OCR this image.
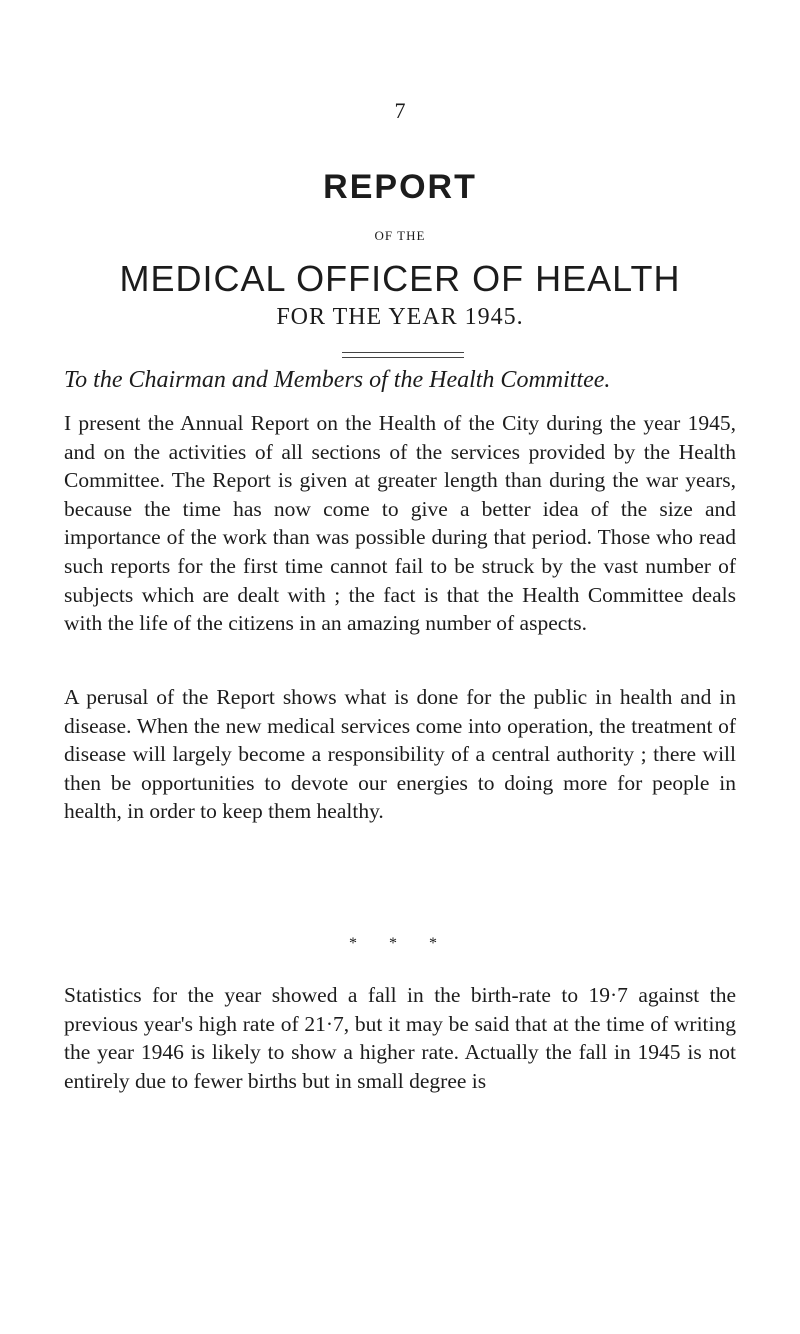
7
REPORT
OF THE
MEDICAL OFFICER OF HEALTH
FOR THE YEAR 1945.
To the Chairman and Members of the Health Committee.

I present the Annual Report on the Health of the City during the year 1945, and on the activities of all sections of the services provided by the Health Committee. The Report is given at greater length than during the war years, because the time has now come to give a better idea of the size and importance of the work than was possible during that period. Those who read such reports for the first time cannot fail to be struck by the vast number of subjects which are dealt with ; the fact is that the Health Committee deals with the life of the citizens in an amazing number of aspects.

A perusal of the Report shows what is done for the public in health and in disease. When the new medical services come into operation, the treatment of disease will largely become a responsibility of a central authority ; there will then be opportunities to devote our energies to doing more for people in health, in order to keep them healthy.

* * *

Statistics for the year showed a fall in the birth-rate to 19·7 against the previous year's high rate of 21·7, but it may be said that at the time of writing the year 1946 is likely to show a higher rate. Actually the fall in 1945 is not entirely due to fewer births but in small degree is
